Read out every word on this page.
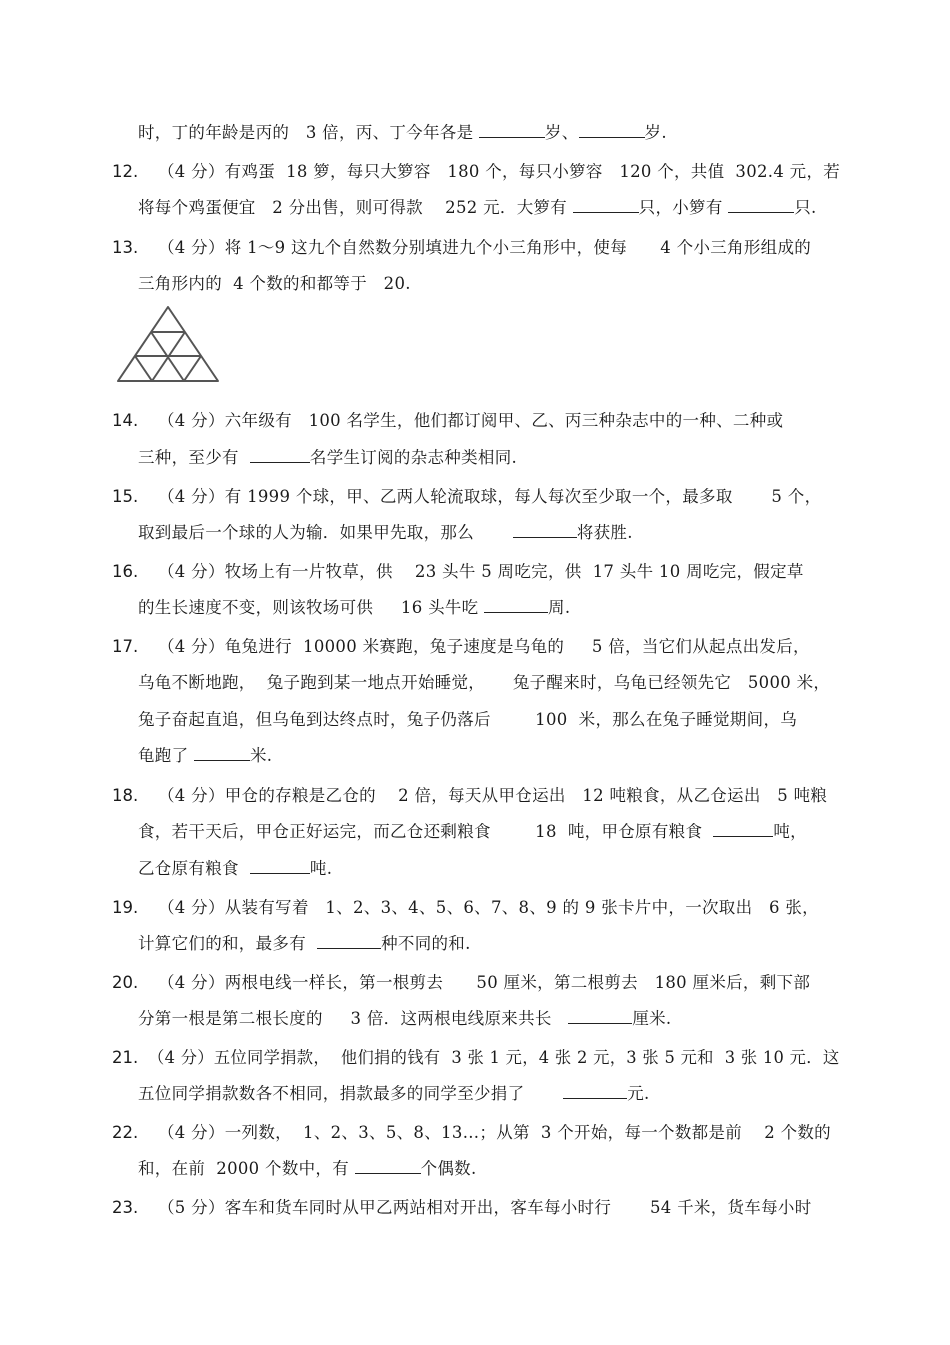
时，丁的年龄是丙的   3 倍，丙、丁今年各是	岁、	岁.
12. （4 分）有鸡蛋  18 箩，每只大箩容   180 个，每只小箩容   120 个，共值  302.4 元，若
将每个鸡蛋便宜   2 分出售，则可得款    252 元．大箩有	只，小箩有	只.
13. （4 分）将 1～9 这九个自然数分别填进九个小三角形中，使每      4 个小三角形组成的
三角形内的  4 个数的和都等于   20.
14. （4 分）六年级有   100 名学生，他们都订阅甲、乙、丙三种杂志中的一种、二种或
三种，至少有	名学生订阅的杂志种类相同.
15. （4 分）有 1999 个球，甲、乙两人轮流取球，每人每次至少取一个，最多取       5 个，
取到最后一个球的人为输．如果甲先取，那么	将获胜.
16. （4 分）牧场上有一片牧草，供    23 头牛 5 周吃完，供  17 头牛 10 周吃完，假定草
的生长速度不变，则该牧场可供     16 头牛吃	周.
17. （4 分）龟兔进行  10000 米赛跑，兔子速度是乌龟的     5 倍，当它们从起点出发后，
乌龟不断地跑，  兔子跑到某一地点开始睡觉，     兔子醒来时，乌龟已经领先它   5000 米，
兔子奋起直追，但乌龟到达终点时，兔子仍落后        100  米，那么在兔子睡觉期间，乌
龟跑了	米.
18. （4 分）甲仓的存粮是乙仓的    2 倍，每天从甲仓运出   12 吨粮食，从乙仓运出   5 吨粮
食，若干天后，甲仓正好运完，而乙仓还剩粮食        18  吨，甲仓原有粮食	吨，
乙仓原有粮食	吨.
19. （4 分）从装有写着   1、2、3、4、5、6、7、8、9 的 9 张卡片中，一次取出   6 张，
计算它们的和，最多有	种不同的和.
20. （4 分）两根电线一样长，第一根剪去      50 厘米，第二根剪去   180 厘米后，剩下部
分第一根是第二根长度的     3 倍．这两根电线原来共长	厘米.
21. （4 分）五位同学捐款，  他们捐的钱有  3 张 1 元，4 张 2 元，3 张 5 元和  3 张 10 元．这
五位同学捐款数各不相同，捐款最多的同学至少捐了	元.
22. （4 分）一列数，  1、2、3、5、8、13…；从第  3 个开始，每一个数都是前    2 个数的
和，在前  2000 个数中，有	个偶数.
23. （5 分）客车和货车同时从甲乙两站相对开出，客车每小时行       54 千米，货车每小时
